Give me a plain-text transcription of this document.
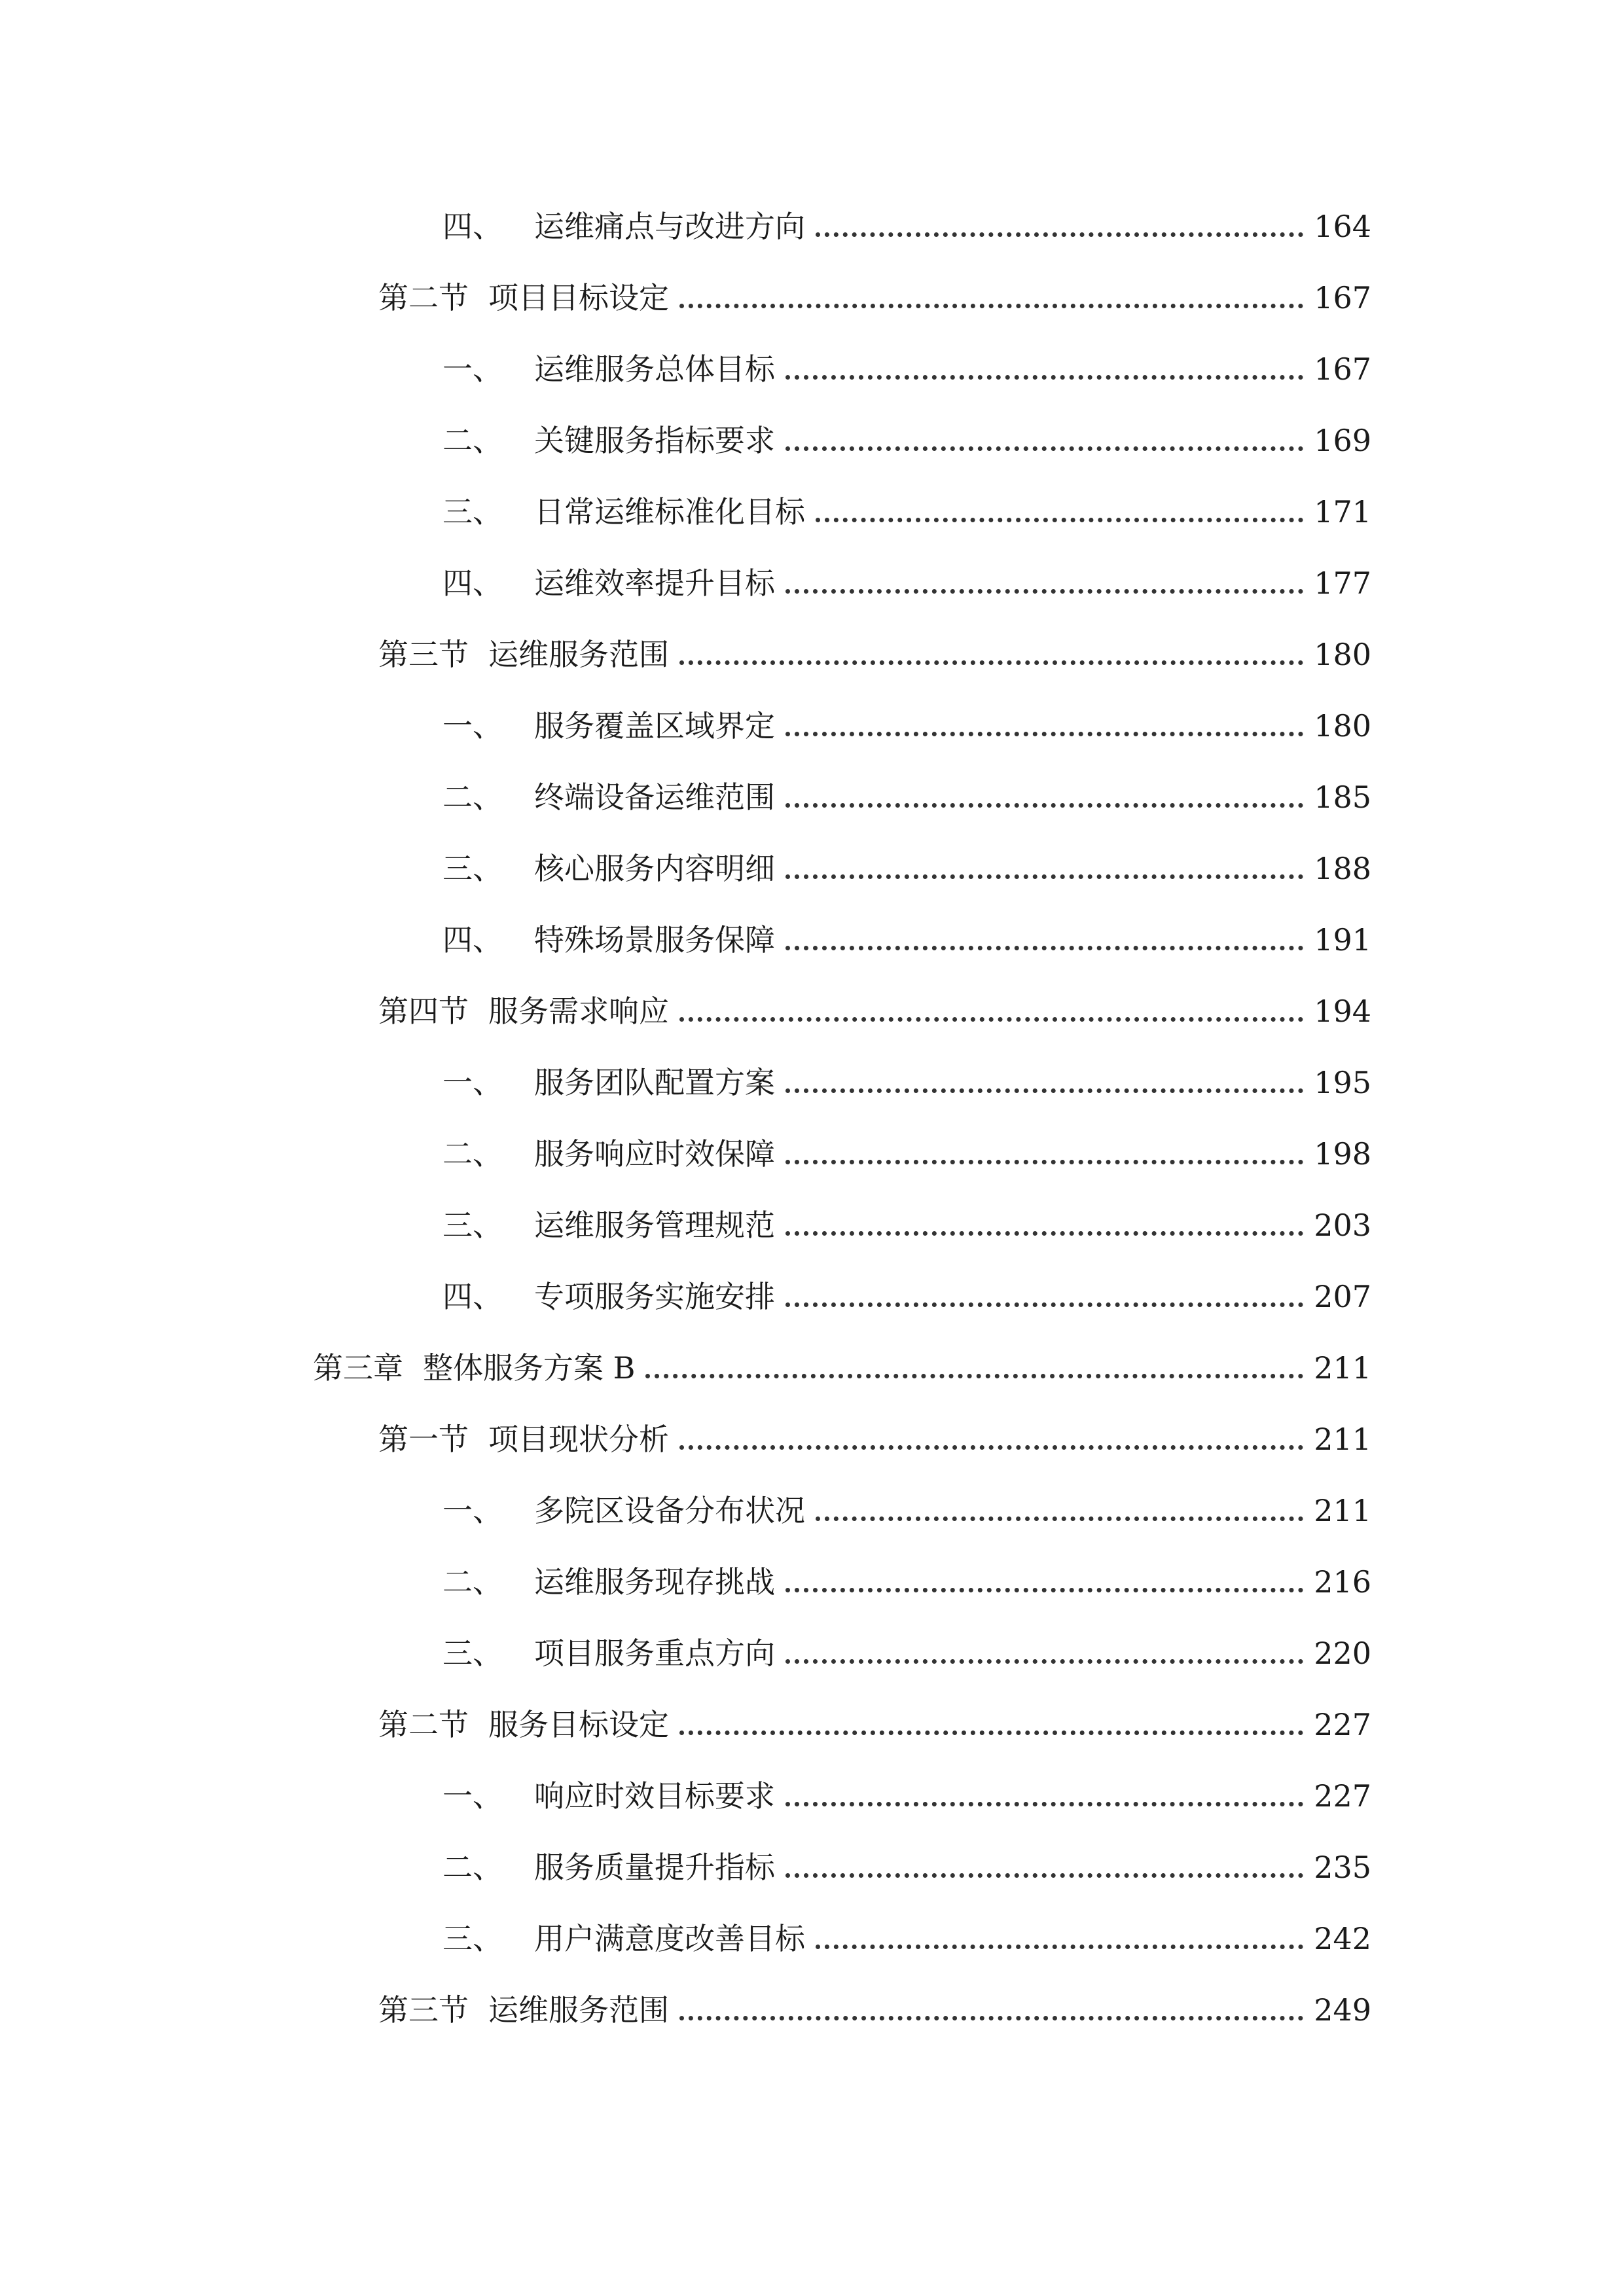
四、 运维痛点与改进方向	164
第二节 项目目标设定	167
一、 运维服务总体目标	167
二、 关键服务指标要求	169
三、 日常运维标准化目标	171
四、 运维效率提升目标	177
第三节 运维服务范围	180
一、 服务覆盖区域界定	180
二、 终端设备运维范围	185
三、 核心服务内容明细	188
四、 特殊场景服务保障	191
第四节 服务需求响应	194
一、 服务团队配置方案	195
二、 服务响应时效保障	198
三、 运维服务管理规范	203
四、 专项服务实施安排	207
第三章 整体服务方案 B	211
第一节 项目现状分析	211
一、 多院区设备分布状况	211
二、 运维服务现存挑战	216
三、 项目服务重点方向	220
第二节 服务目标设定	227
一、 响应时效目标要求	227
二、 服务质量提升指标	235
三、 用户满意度改善目标	242
第三节 运维服务范围	249
